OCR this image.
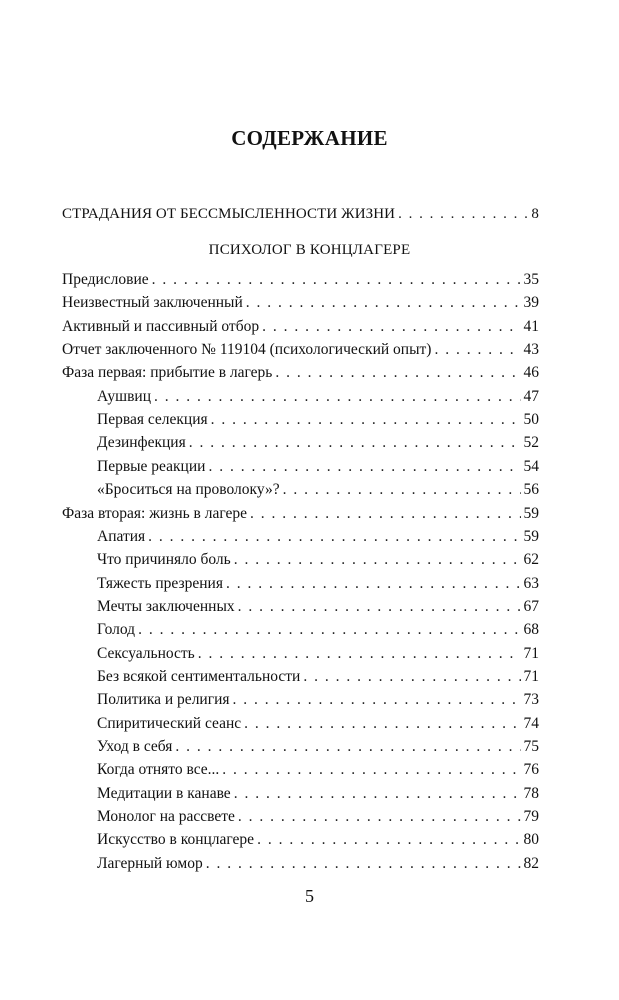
СОДЕРЖАНИЕ
СТРАДАНИЯ ОТ БЕССМЫСЛЕННОСТИ ЖИЗНИ . . .	8
ПСИХОЛОГ В КОНЦЛАГЕРЕ
Предисловие . . .	35
Неизвестный заключенный . . .	39
Активный и пассивный отбор . . .	41
Отчет заключенного № 119104 (психологический опыт) . . .	43
Фаза первая: прибытие в лагерь . . .	46
Аушвиц . . .	47
Первая селекция . . .	50
Дезинфекция . . .	52
Первые реакции . . .	54
«Броситься на проволоку»? . . .	56
Фаза вторая: жизнь в лагере . . .	59
Апатия . . .	59
Что причиняло боль . . .	62
Тяжесть презрения . . .	63
Мечты заключенных . . .	67
Голод . . .	68
Сексуальность . . .	71
Без всякой сентиментальности . . .	71
Политика и религия . . .	73
Спиритический сеанс . . .	74
Уход в себя . . .	75
Когда отнято все... . . .	76
Медитации в канаве . . .	78
Монолог на рассвете . . .	79
Искусство в концлагере . . .	80
Лагерный юмор . . .	82
5
